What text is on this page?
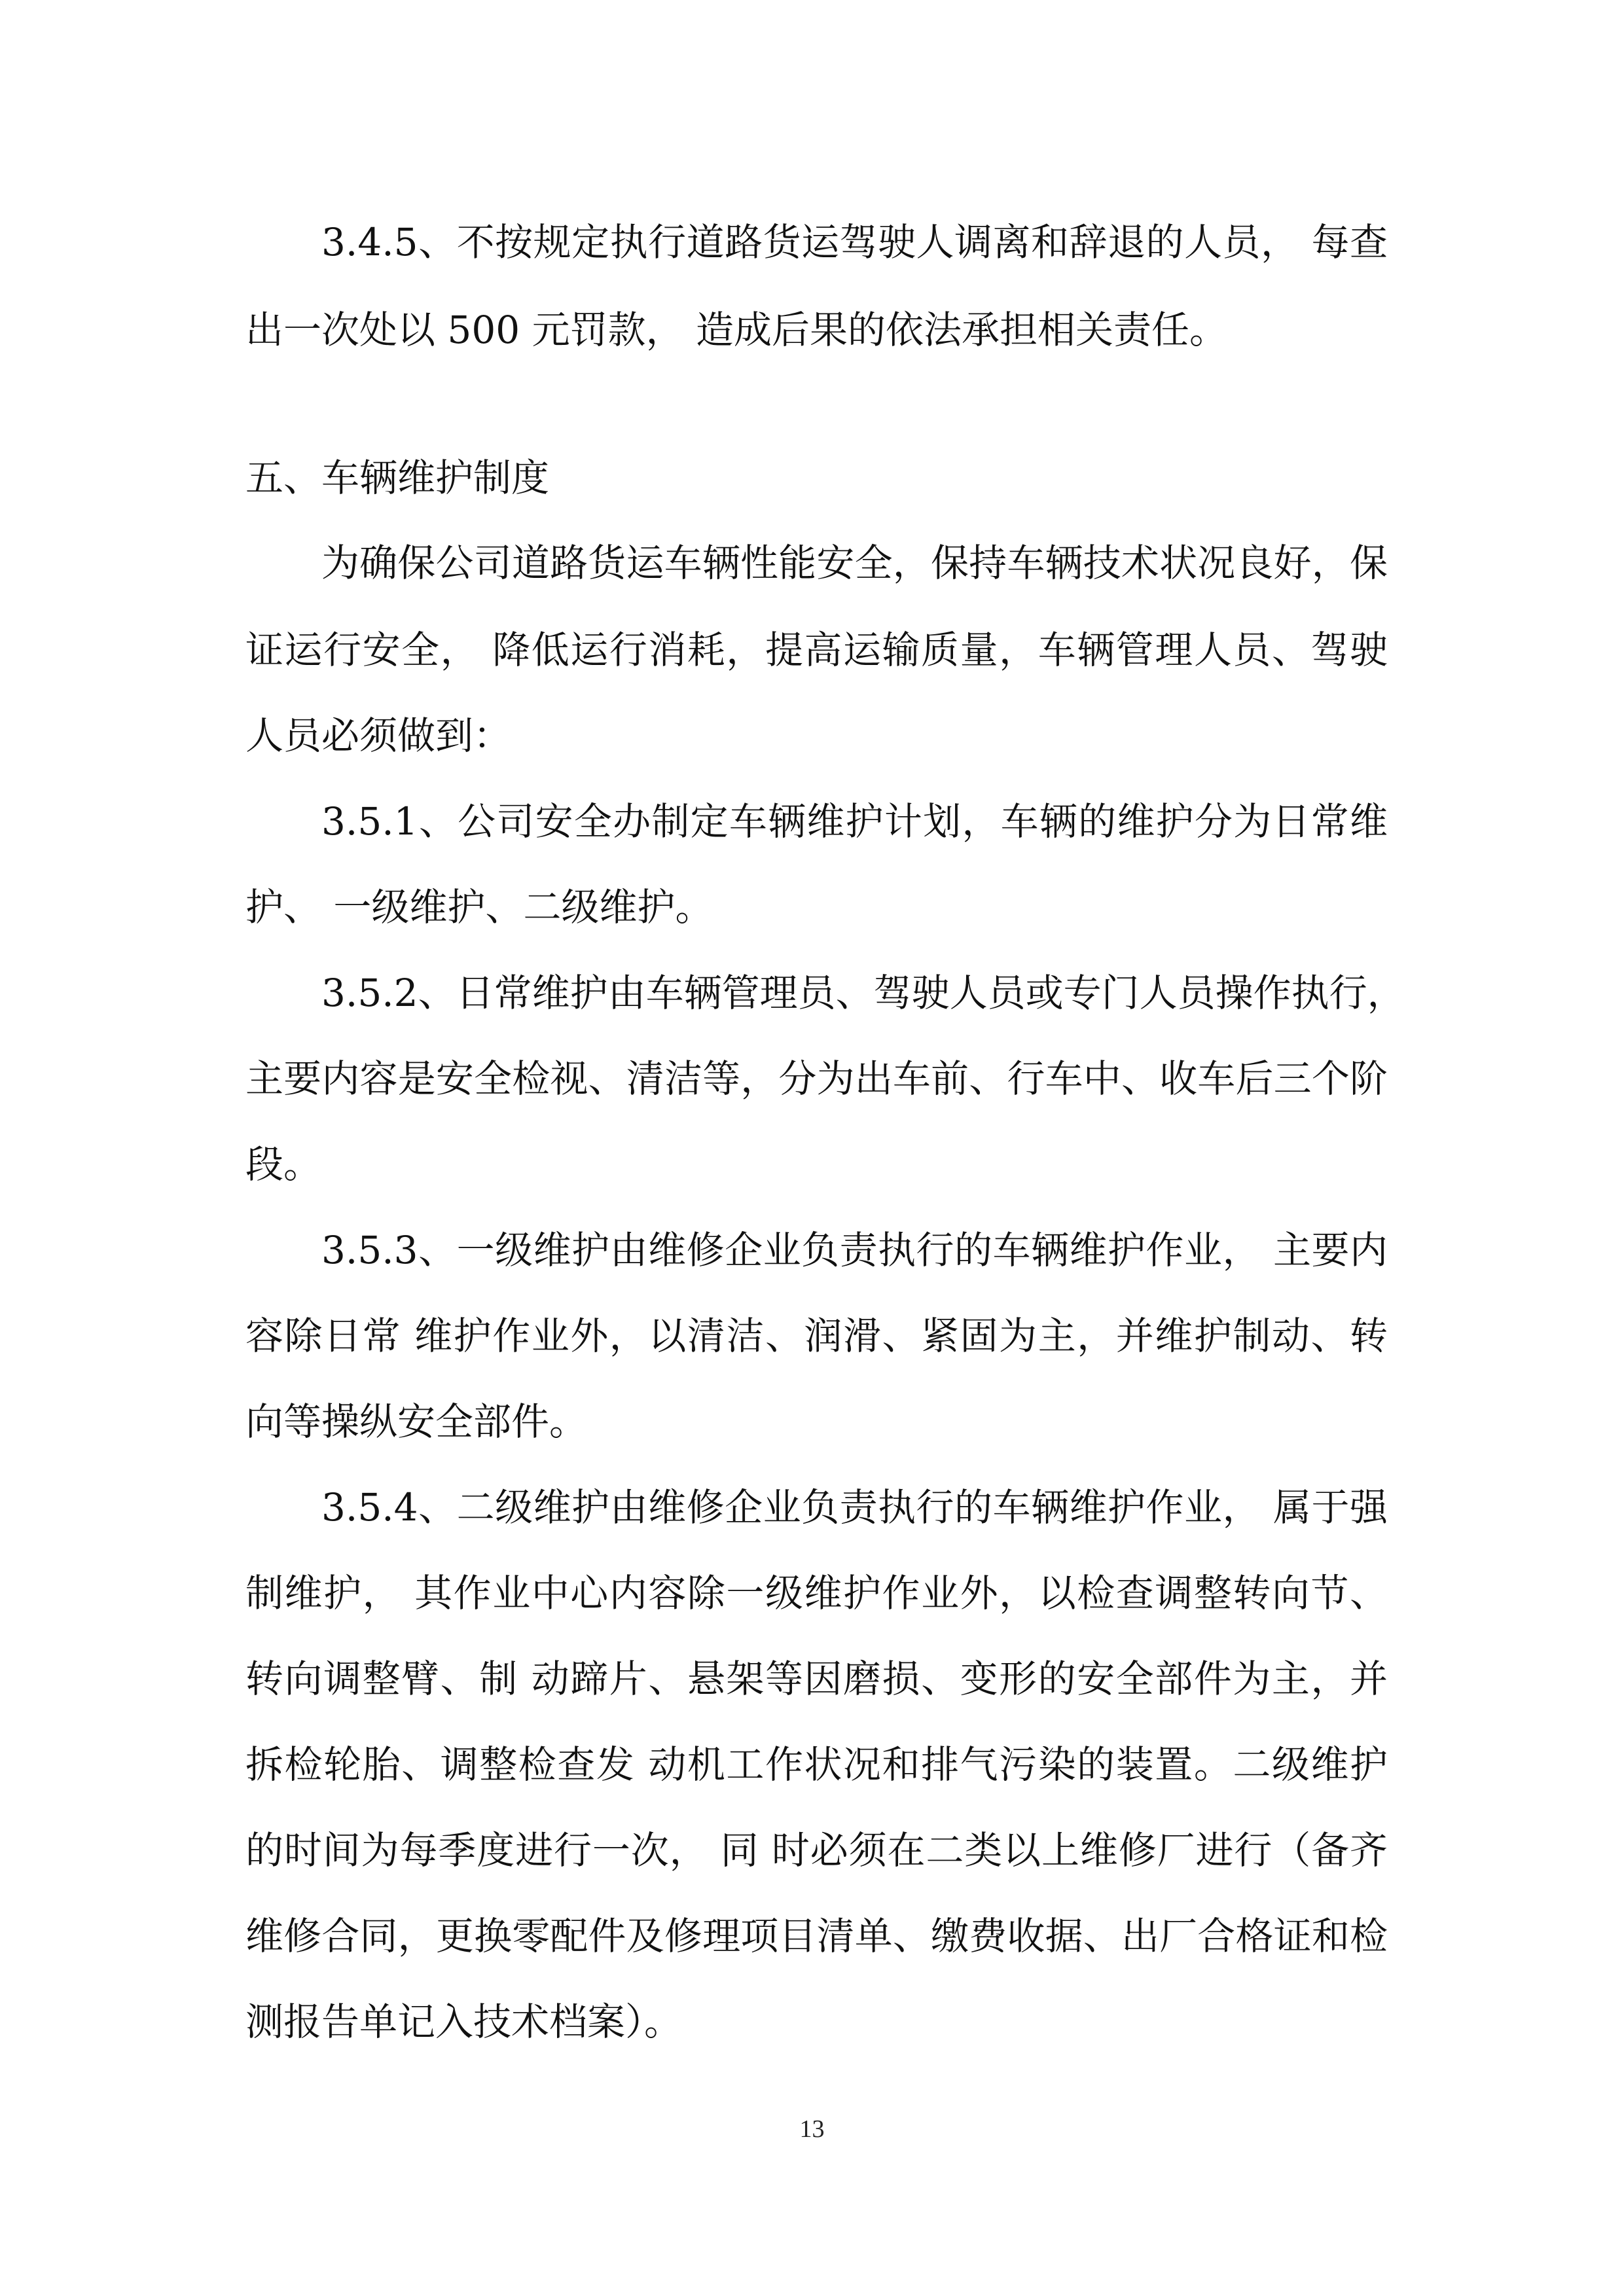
3.4.5、不按规定执行道路货运驾驶人调离和辞退的人员， 每查
出一次处以 500 元罚款， 造成后果的依法承担相关责任。
五、车辆维护制度
为确保公司道路货运车辆性能安全，保持车辆技术状况良好，保
证运行安全， 降低运行消耗，提高运输质量，车辆管理人员、驾驶
人员必须做到：
3.5.1、公司安全办制定车辆维护计划，车辆的维护分为日常维
护、 一级维护、二级维护。
3.5.2、日常维护由车辆管理员、驾驶人员或专门人员操作执行，
主要内容是安全检视、清洁等，分为出车前、行车中、收车后三个阶
段。
3.5.3、一级维护由维修企业负责执行的车辆维护作业， 主要内
容除日常 维护作业外，以清洁、润滑、紧固为主，并维护制动、转
向等操纵安全部件。
3.5.4、二级维护由维修企业负责执行的车辆维护作业， 属于强
制维护， 其作业中心内容除一级维护作业外，以检查调整转向节、
转向调整臂、制 动蹄片、悬架等因磨损、变形的安全部件为主，并
拆检轮胎、调整检查发 动机工作状况和排气污染的装置。二级维护
的时间为每季度进行一次， 同 时必须在二类以上维修厂进行（备齐
维修合同，更换零配件及修理项目清单、缴费收据、出厂合格证和检
测报告单记入技术档案）。
13
